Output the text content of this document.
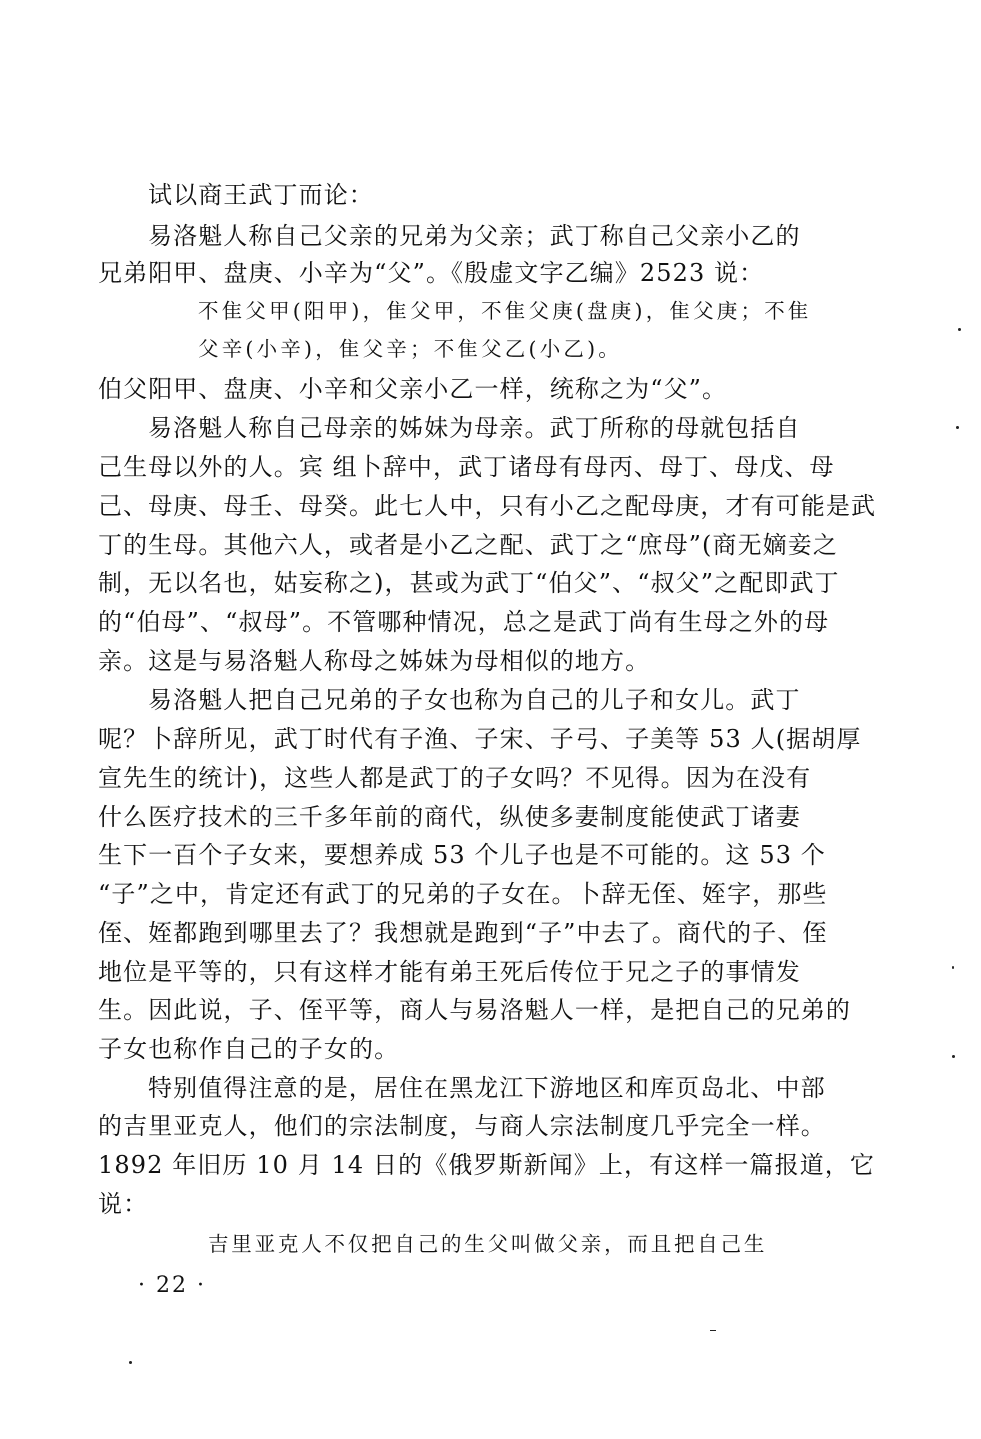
试以商王武丁而论：
易洛魁人称自己父亲的兄弟为父亲；武丁称自己父亲小乙的
兄弟阳甲、盘庚、小辛为“父”。《殷虚文字乙编》2523 说：
不隹父甲(阳甲)，隹父甲，不隹父庚(盘庚)，隹父庚；不隹
父辛(小辛)，隹父辛；不隹父乙(小乙)。
伯父阳甲、盘庚、小辛和父亲小乙一样，统称之为“父”。
易洛魁人称自己母亲的姊妹为母亲。武丁所称的母就包括自
己生母以外的人。宾 组卜辞中，武丁诸母有母丙、母丁、母戊、母
己、母庚、母壬、母癸。此七人中，只有小乙之配母庚，才有可能是武
丁的生母。其他六人，或者是小乙之配、武丁之“庶母”(商无嫡妾之
制，无以名也，姑妄称之)，甚或为武丁“伯父”、“叔父”之配即武丁
的“伯母”、“叔母”。不管哪种情况，总之是武丁尚有生母之外的母
亲。这是与易洛魁人称母之姊妹为母相似的地方。
易洛魁人把自己兄弟的子女也称为自己的儿子和女儿。武丁
呢？卜辞所见，武丁时代有子渔、子宋、子弓、子美等 53 人(据胡厚
宣先生的统计)，这些人都是武丁的子女吗？不见得。因为在没有
什么医疗技术的三千多年前的商代，纵使多妻制度能使武丁诸妻
生下一百个子女来，要想养成 53 个儿子也是不可能的。这 53 个
“子”之中，肯定还有武丁的兄弟的子女在。卜辞无侄、姪字，那些
侄、姪都跑到哪里去了？我想就是跑到“子”中去了。商代的子、侄
地位是平等的，只有这样才能有弟王死后传位于兄之子的事情发
生。因此说，子、侄平等，商人与易洛魁人一样，是把自己的兄弟的
子女也称作自己的子女的。
特别值得注意的是，居住在黑龙江下游地区和库页岛北、中部
的吉里亚克人，他们的宗法制度，与商人宗法制度几乎完全一样。
1892 年旧历 10 月 14 日的《俄罗斯新闻》上，有这样一篇报道，它
说：
吉里亚克人不仅把自己的生父叫做父亲，而且把自己生
· 22 ·
